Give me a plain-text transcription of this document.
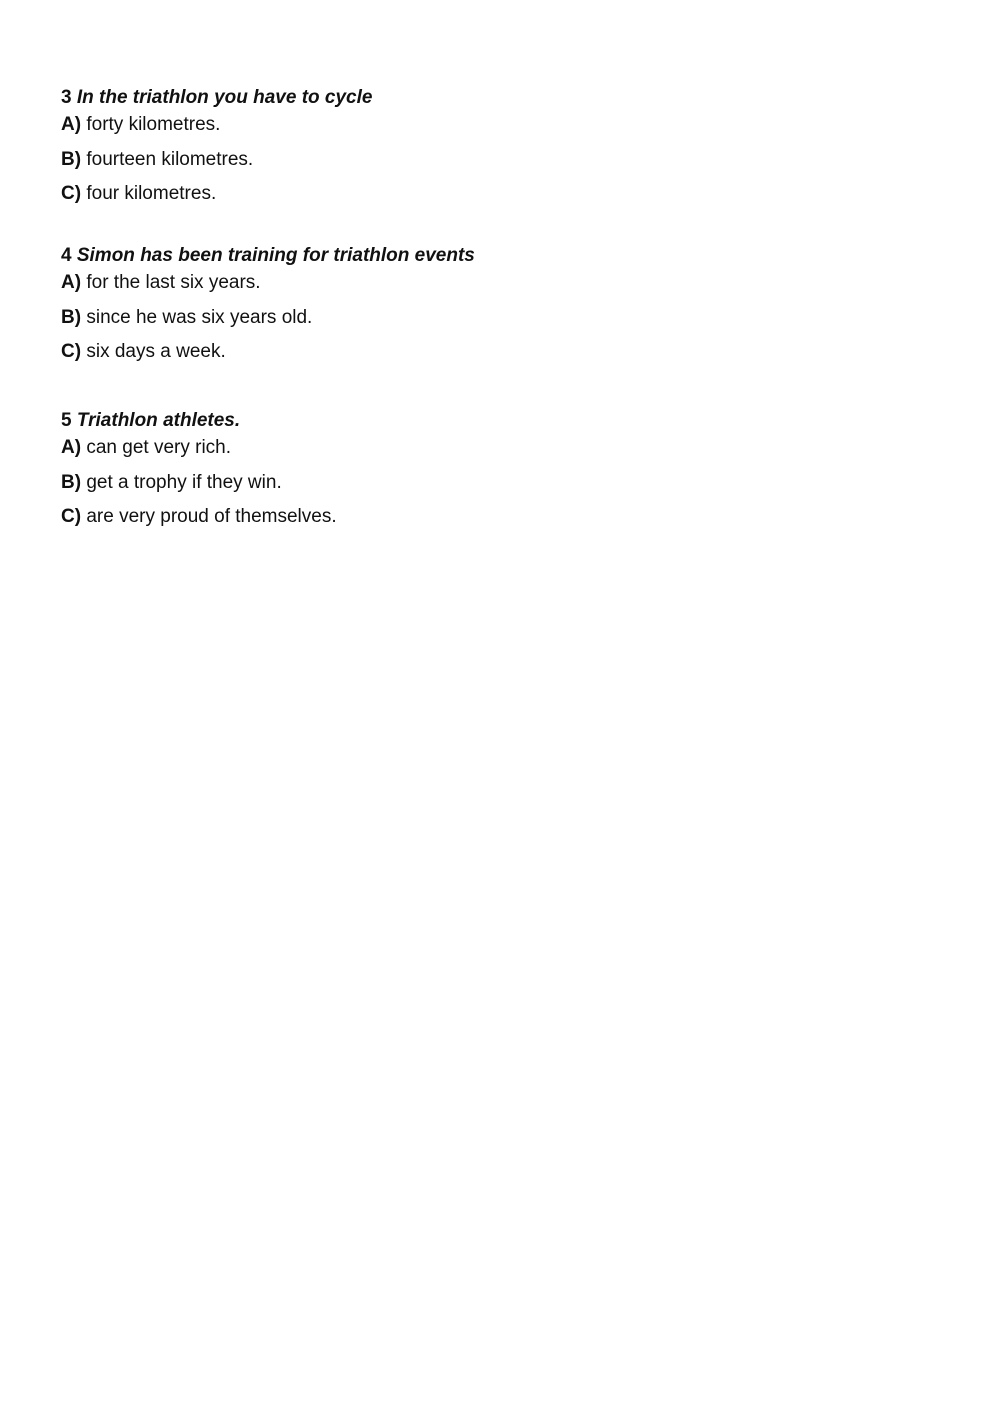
3 In the triathlon you have to cycle

A) forty kilometres.
B) fourteen kilometres.
C) four kilometres.

4 Simon has been training for triathlon events

A) for the last six years.
B) since he was six years old.
C) six days a week.

5 Triathlon athletes.

A) can get very rich.
B) get a trophy if they win.
C) are very proud of themselves.
